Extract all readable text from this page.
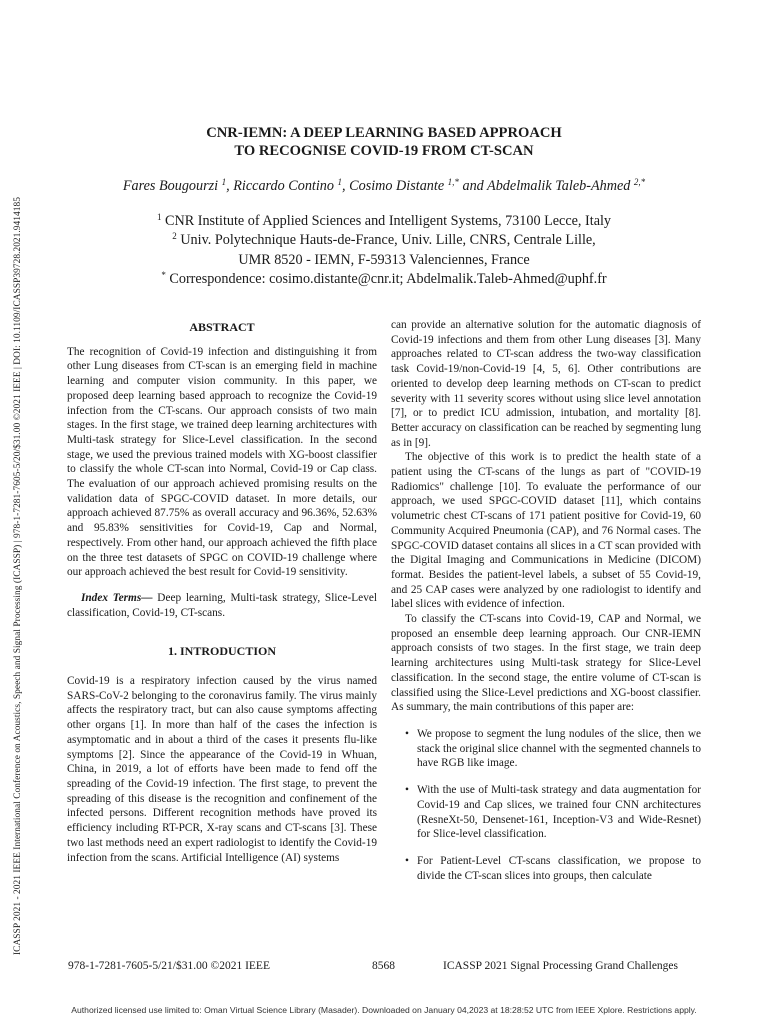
ICASSP 2021 - 2021 IEEE International Conference on Acoustics, Speech and Signal Processing (ICASSP) | 978-1-7281-7605-5/20/$31.00 ©2021 IEEE | DOI: 10.1109/ICASSP39728.2021.9414185
CNR-IEMN: A DEEP LEARNING BASED APPROACH
TO RECOGNISE COVID-19 FROM CT-SCAN
Fares Bougourzi $^1$, Riccardo Contino $^1$, Cosimo Distante $^{1,*}$ and Abdelmalik Taleb-Ahmed $^{2,*}$
$^1$ CNR Institute of Applied Sciences and Intelligent Systems, 73100 Lecce, Italy
$^2$ Univ. Polytechnique Hauts-de-France, Univ. Lille, CNRS, Centrale Lille,
UMR 8520 - IEMN, F-59313 Valenciennes, France
* Correspondence: cosimo.distante@cnr.it; Abdelmalik.Taleb-Ahmed@uphf.fr
ABSTRACT

The recognition of Covid-19 infection and distinguishing it from other Lung diseases from CT-scan is an emerging field in machine learning and computer vision community. In this paper, we proposed deep learning based approach to recognize the Covid-19 infection from the CT-scans. Our approach consists of two main stages. In the first stage, we trained deep learning architectures with Multi-task strategy for Slice-Level classification. In the second stage, we used the previous trained models with XG-boost classifier to classify the whole CT-scan into Normal, Covid-19 or Cap class. The evaluation of our approach achieved promising results on the validation data of SPGC-COVID dataset. In more details, our approach achieved 87.75% as overall accuracy and 96.36%, 52.63% and 95.83% sensitivities for Covid-19, Cap and Normal, respectively. From other hand, our approach achieved the fifth place on the three test datasets of SPGC on COVID-19 challenge where our approach achieved the best result for Covid-19 sensitivity.

Index Terms— Deep learning, Multi-task strategy, Slice-Level classification, Covid-19, CT-scans.

1. INTRODUCTION

Covid-19 is a respiratory infection caused by the virus named SARS-CoV-2 belonging to the coronavirus family. The virus mainly affects the respiratory tract, but can also cause symptoms affecting other organs [1]. In more than half of the cases the infection is asymptomatic and in about a third of the cases it presents flu-like symptoms [2]. Since the appearance of the Covid-19 in Whuan, China, in 2019, a lot of efforts have been made to fend off the spreading of the Covid-19 infection. The first stage, to prevent the spreading of this disease is the recognition and confinement of the infected persons. Different recognition methods have proved its efficiency including RT-PCR, X-ray scans and CT-scans [3]. These two last methods need an expert radiologist to identify the Covid-19 infection from the scans. Artificial Intelligence (AI) systems

can provide an alternative solution for the automatic diagnosis of Covid-19 infections and them from other Lung diseases [3]. Many approaches related to CT-scan address the two-way classification task Covid-19/non-Covid-19 [4, 5, 6]. Other contributions are oriented to develop deep learning methods on CT-scan to predict severity with 11 severity scores without using slice level annotation [7], or to predict ICU admission, intubation, and mortality [8]. Better accuracy on classification can be reached by segmenting lung as in [9].

The objective of this work is to predict the health state of a patient using the CT-scans of the lungs as part of "COVID-19 Radiomics" challenge [10]. To evaluate the performance of our approach, we used SPGC-COVID dataset [11], which contains volumetric chest CT-scans of 171 patient positive for Covid-19, 60 Community Acquired Pneumonia (CAP), and 76 Normal cases. The SPGC-COVID dataset contains all slices in a CT scan provided with the Digital Imaging and Communications in Medicine (DICOM) format. Besides the patient-level labels, a subset of 55 Covid-19, and 25 CAP cases were analyzed by one radiologist to identify and label slices with evidence of infection.

To classify the CT-scans into Covid-19, CAP and Normal, we proposed an ensemble deep learning approach. Our CNR-IEMN approach consists of two stages. In the first stage, we train deep learning architectures using Multi-task strategy for Slice-Level classification. In the second stage, the entire volume of CT-scan is classified using the Slice-Level predictions and XG-boost classifier. As summary, the main contributions of this paper are:

• We propose to segment the lung nodules of the slice, then we stack the original slice channel with the segmented channels to have RGB like image.
• With the use of Multi-task strategy and data augmentation for Covid-19 and Cap slices, we trained four CNN architectures (ResneXt-50, Densenet-161, Inception-V3 and Wide-Resnet) for Slice-level classification.
• For Patient-Level CT-scans classification, we propose to divide the CT-scan slices into groups, then calculate
978-1-7281-7605-5/21/$31.00 ©2021 IEEE	8568	ICASSP 2021 Signal Processing Grand Challenges
Authorized licensed use limited to: Oman Virtual Science Library (Masader). Downloaded on January 04,2023 at 18:28:52 UTC from IEEE Xplore. Restrictions apply.
